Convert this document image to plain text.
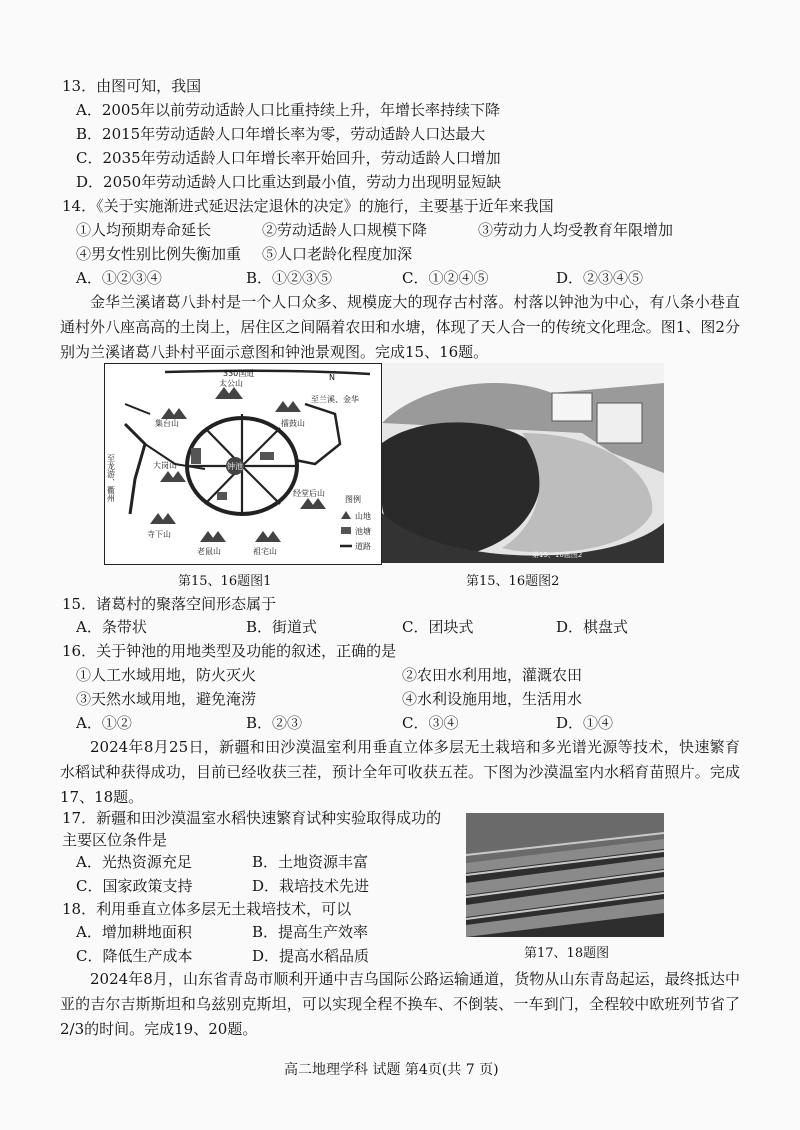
13．由图可知，我国
A．2005年以前劳动适龄人口比重持续上升，年增长率持续下降
B．2015年劳动适龄人口年增长率为零，劳动适龄人口达最大
C．2035年劳动适龄人口年增长率开始回升，劳动适龄人口增加
D．2050年劳动适龄人口比重达到最小值，劳动力出现明显短缺
14．《关于实施渐进式延迟法定退休的决定》的施行，主要基于近年来我国
①人均预期寿命延长	②劳动适龄人口规模下降	③劳动力人均受教育年限增加
④男女性别比例失衡加重 ⑤人口老龄化程度加深
A．①②③④	B．①②③⑤	C．①②④⑤	D．②③④⑤
金华兰溪诸葛八卦村是一个人口众多、规模庞大的现存古村落。村落以钟池为中心，有八条小巷直通村外八座高高的土岗上，居住区之间隔着农田和水塘，体现了天人合一的传统文化理念。图1、图2分别为兰溪诸葛八卦村平面示意图和钟池景观图。完成15、16题。
330国道	N
至兰溪、金华
至龙游、衢州
太公山
集台山	擂鼓山
大岗山
经堂后山
寺下山
老鼠山	祖宅山
钟池
图例
山地
池塘
道路
第15、16题图2
第15、16题图1	第15、16题图2
15．诸葛村的聚落空间形态属于
A．条带状	B．街道式	C．团块式	D．棋盘式
16．关于钟池的用地类型及功能的叙述，正确的是
①人工水域用地，防火灭火	②农田水利用地，灌溉农田
③天然水域用地，避免淹涝	④水利设施用地，生活用水
A．①②	B．②③	C．③④	D．①④
2024年8月25日，新疆和田沙漠温室利用垂直立体多层无土栽培和多光谱光源等技术，快速繁育水稻试种获得成功，目前已经收获三茬，预计全年可收获五茬。下图为沙漠温室内水稻育苗照片。完成17、18题。
17．新疆和田沙漠温室水稻快速繁育试种实验取得成功的
主要区位条件是
A．光热资源充足	B．土地资源丰富
C．国家政策支持	D．栽培技术先进
18．利用垂直立体多层无土栽培技术，可以
A．增加耕地面积	B．提高生产效率
C．降低生产成本	D．提高水稻品质	第17、18题图
2024年8月，山东省青岛市顺利开通中吉乌国际公路运输通道，货物从山东青岛起运，最终抵达中亚的吉尔吉斯斯坦和乌兹别克斯坦，可以实现全程不换车、不倒装、一车到门，全程较中欧班列节省了2/3的时间。完成19、20题。
高二地理学科 试题 第4页(共 7 页)
